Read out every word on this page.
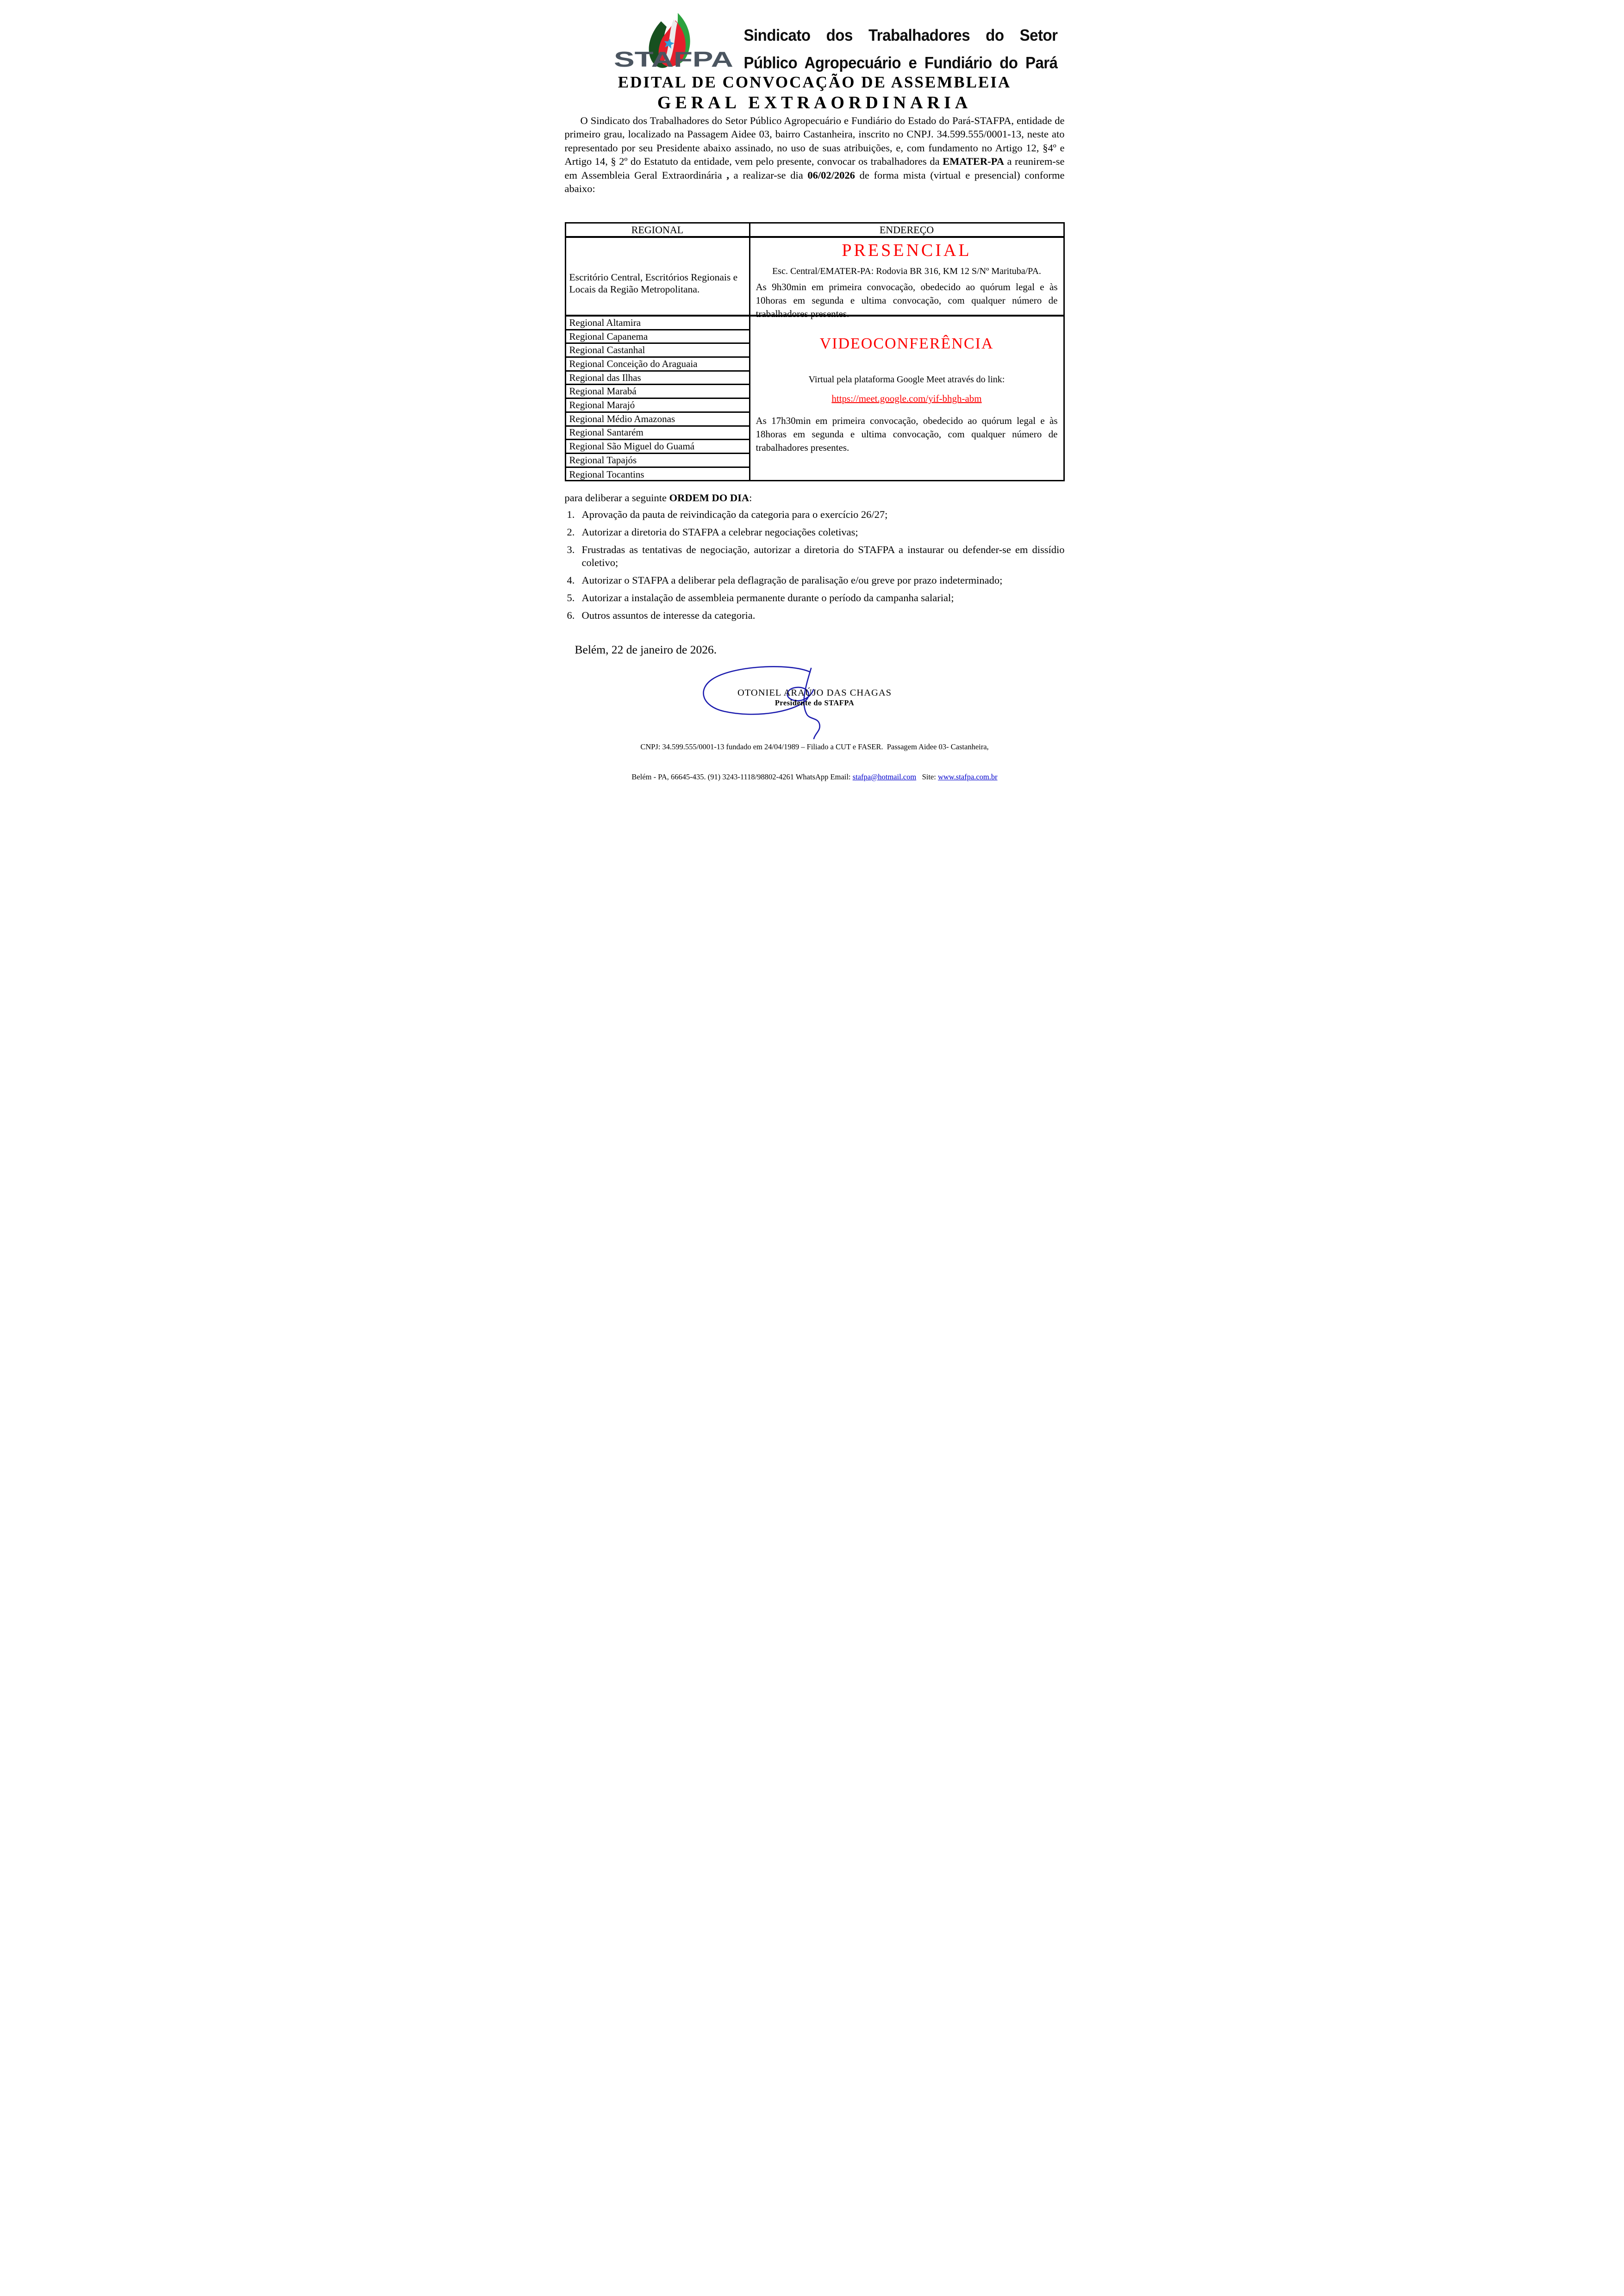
STAFPA
Sindicato dos Trabalhadores do Setor
Público Agropecuário e Fundiário do Pará
EDITAL DE CONVOCAÇÃO DE ASSEMBLEIA
GERAL EXTRAORDINARIA

O Sindicato dos Trabalhadores do Setor Público Agropecuário e Fundiário do Estado do Pará-STAFPA, entidade de primeiro grau, localizado na Passagem Aidee 03, bairro Castanheira, inscrito no CNPJ. 34.599.555/0001-13, neste ato representado por seu Presidente abaixo assinado, no uso de suas atribuições, e, com fundamento no Artigo 12, §4º e Artigo 14, § 2º do Estatuto da entidade, vem pelo presente, convocar os trabalhadores da EMATER-PA a reunirem-se em Assembleia Geral Extraordinária , a realizar-se dia 06/02/2026 de forma mista (virtual e presencial) conforme abaixo:

REGIONAL
Escritório Central, Escritórios Regionais e Locais da Região Metropolitana.
Regional Altamira
Regional Capanema
Regional Castanhal
Regional Conceição do Araguaia
Regional das Ilhas
Regional Marabá
Regional Marajó
Regional Médio Amazonas
Regional Santarém
Regional São Miguel do Guamá
Regional Tapajós
Regional Tocantins
ENDEREÇO
PRESENCIAL
Esc. Central/EMATER-PA: Rodovia BR 316, KM 12 S/Nº Marituba/PA.
As 9h30min em primeira convocação, obedecido ao quórum legal e às 10horas em segunda e ultima convocação, com qualquer número de trabalhadores presentes.
VIDEOCONFERÊNCIA
Virtual pela plataforma Google Meet através do link:
https://meet.google.com/yif-bhgh-abm
As 17h30min em primeira convocação, obedecido ao quórum legal e às 18horas em segunda e ultima convocação, com qualquer número de trabalhadores presentes.
para deliberar a seguinte ORDEM DO DIA:
1. Aprovação da pauta de reivindicação da categoria para o exercício 26/27;
2. Autorizar a diretoria do STAFPA a celebrar negociações coletivas;
3. Frustradas as tentativas de negociação, autorizar a diretoria do STAFPA a instaurar ou defender-se em dissídio coletivo;
4. Autorizar o STAFPA a deliberar pela deflagração de paralisação e/ou greve por prazo indeterminado;
5. Autorizar a instalação de assembleia permanente durante o período da campanha salarial;
6. Outros assuntos de interesse da categoria.
Belém, 22 de janeiro de 2026.
OTONIEL ARAÚJO DAS CHAGAS
Presidente do STAFPA

CNPJ: 34.599.555/0001-13 fundado em 24/04/1989 – Filiado a CUT e FASER.  Passagem Aidee 03- Castanheira,

Belém - PA, 66645-435. (91) 3243-1118/98802-4261 WhatsApp Email: stafpa@hotmail.com   Site: www.stafpa.com.br
